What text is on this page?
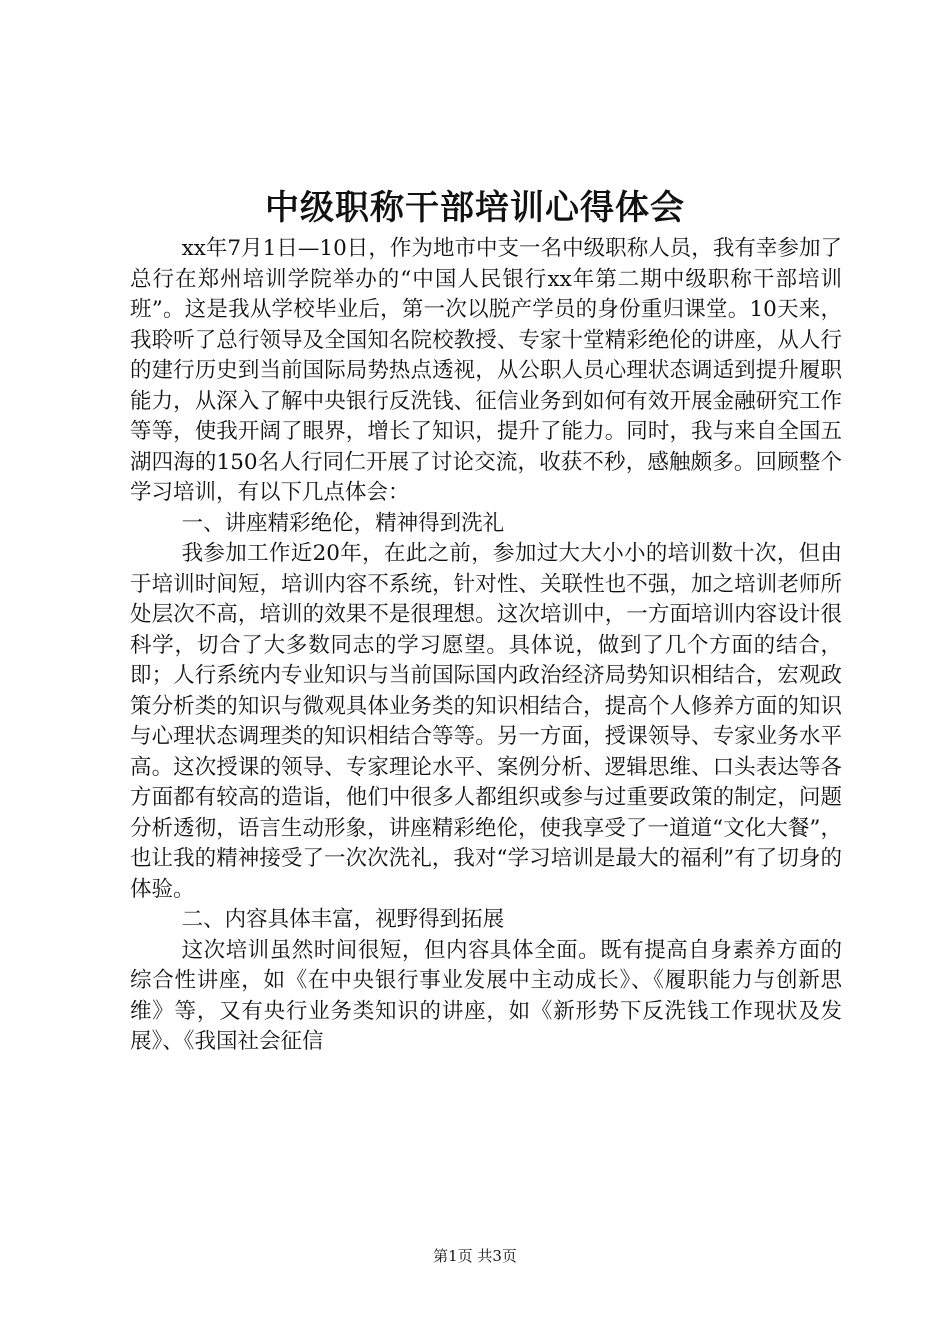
中级职称干部培训心得体会

xx年7月1日—10日，作为地市中支一名中级职称人员，我有幸参加了总行在郑州培训学院举办的“中国人民银行xx年第二期中级职称干部培训班”。这是我从学校毕业后，第一次以脱产学员的身份重归课堂。10天来，我聆听了总行领导及全国知名院校教授、专家十堂精彩绝伦的讲座，从人行的建行历史到当前国际局势热点透视，从公职人员心理状态调适到提升履职能力，从深入了解中央银行反洗钱、征信业务到如何有效开展金融研究工作等等，使我开阔了眼界，增长了知识，提升了能力。同时，我与来自全国五湖四海的150名人行同仁开展了讨论交流，收获不秒，感触颇多。回顾整个学习培训，有以下几点体会：

一、讲座精彩绝伦，精神得到洗礼

我参加工作近20年，在此之前，参加过大大小小的培训数十次，但由于培训时间短，培训内容不系统，针对性、关联性也不强，加之培训老师所处层次不高，培训的效果不是很理想。这次培训中，一方面培训内容设计很科学，切合了大多数同志的学习愿望。具体说，做到了几个方面的结合，即；人行系统内专业知识与当前国际国内政治经济局势知识相结合，宏观政策分析类的知识与微观具体业务类的知识相结合，提高个人修养方面的知识与心理状态调理类的知识相结合等等。另一方面，授课领导、专家业务水平高。这次授课的领导、专家理论水平、案例分析、逻辑思维、口头表达等各方面都有较高的造诣，他们中很多人都组织或参与过重要政策的制定，问题分析透彻，语言生动形象，讲座精彩绝伦，使我享受了一道道“文化大餐”，也让我的精神接受了一次次洗礼，我对“学习培训是最大的福利”有了切身的体验。

二、内容具体丰富，视野得到拓展

这次培训虽然时间很短，但内容具体全面。既有提高自身素养方面的综合性讲座，如《在中央银行事业发展中主动成长》、《履职能力与创新思维》等，又有央行业务类知识的讲座，如《新形势下反洗钱工作现状及发展》、《我国社会征信

第1页 共3页
